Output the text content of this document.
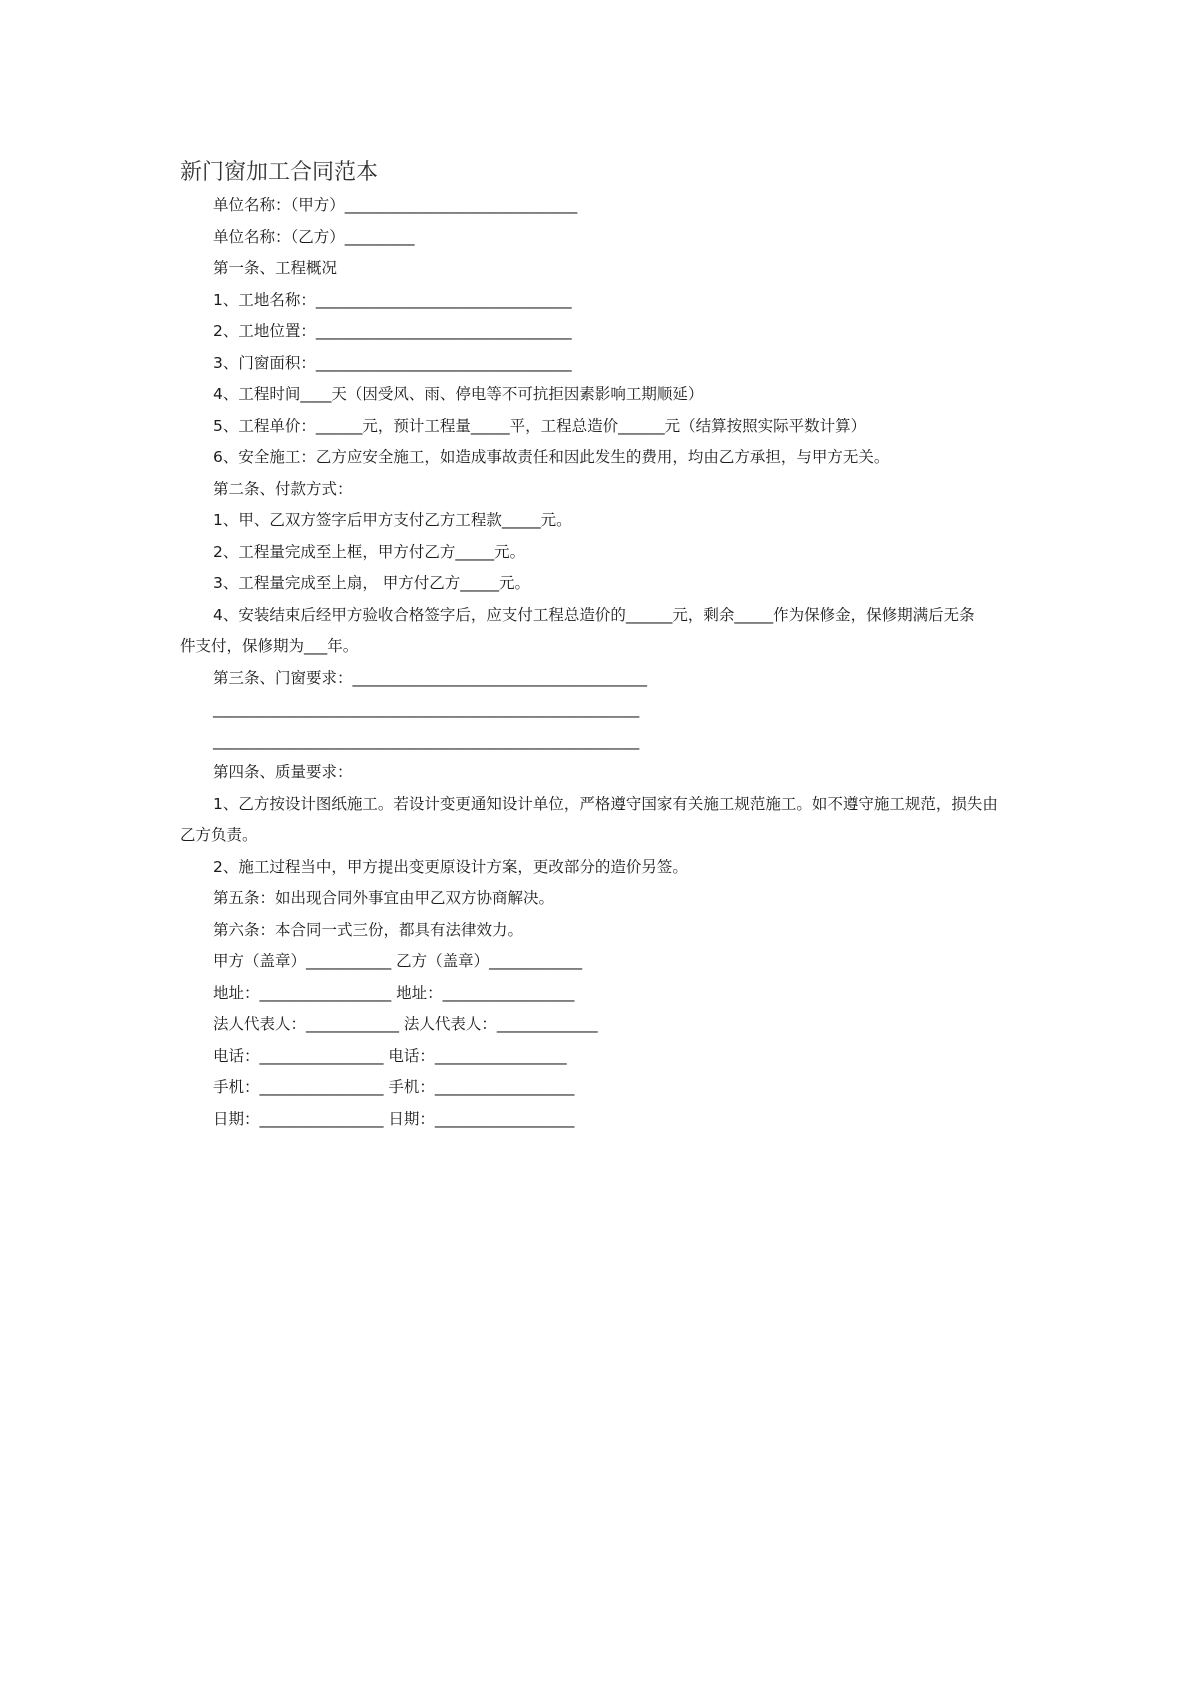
新门窗加工合同范本
单位名称：（甲方）______________________________
单位名称：（乙方）_________
第一条、工程概况
1、工地名称：_________________________________
2、工地位置：_________________________________
3、门窗面积：_________________________________
4、工程时间____天（因受风、雨、停电等不可抗拒因素影响工期顺延）
5、工程单价：______元，预计工程量_____平，工程总造价______元（结算按照实际平数计算）
6、安全施工：乙方应安全施工，如造成事故责任和因此发生的费用，均由乙方承担，与甲方无关。
第二条、付款方式：
1、甲、乙双方签字后甲方支付乙方工程款_____元。
2、工程量完成至上框，甲方付乙方_____元。
3、工程量完成至上扇， 甲方付乙方_____元。
4、安装结束后经甲方验收合格签字后，应支付工程总造价的______元，剩余_____作为保修金，保修期满后无条
件支付，保修期为___年。
第三条、门窗要求：______________________________________
_______________________________________________________
_______________________________________________________
第四条、质量要求：
1、乙方按设计图纸施工。若设计变更通知设计单位，严格遵守国家有关施工规范施工。如不遵守施工规范，损失由
乙方负责。
2、施工过程当中，甲方提出变更原设计方案，更改部分的造价另签。
第五条：如出现合同外事宜由甲乙双方协商解决。
第六条：本合同一式三份，都具有法律效力。
甲方（盖章）___________ 乙方（盖章）____________
地址：_________________ 地址：_________________
法人代表人：____________ 法人代表人：_____________
电话：________________ 电话：_________________
手机：________________ 手机：__________________
日期：________________ 日期：__________________
